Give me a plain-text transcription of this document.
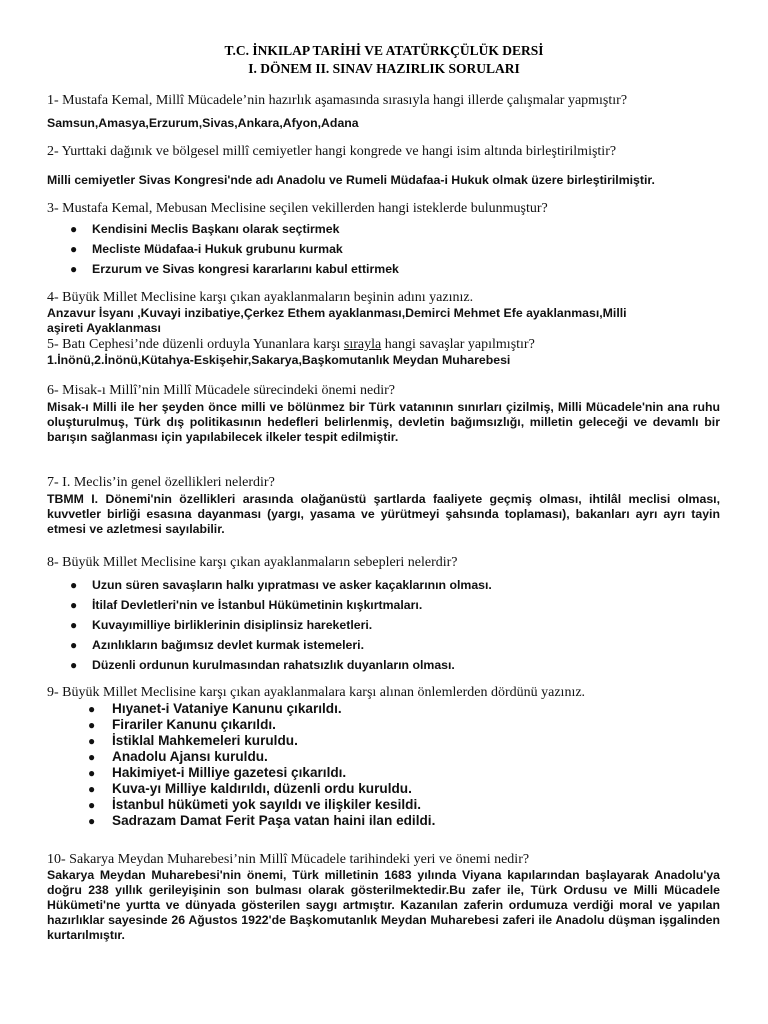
T.C. İNKILAP TARİHİ VE ATATÜRKÇÜLÜK DERSİ
I. DÖNEM II. SINAV HAZIRLIK SORULARI
1- Mustafa Kemal, Millî Mücadele’nin hazırlık aşamasında sırasıyla hangi illerde çalışmalar yapmıştır?
Samsun,Amasya,Erzurum,Sivas,Ankara,Afyon,Adana
2- Yurttaki dağınık ve bölgesel millî cemiyetler hangi kongrede ve hangi isim altında birleştirilmiştir?
Milli cemiyetler Sivas Kongresi'nde adı Anadolu ve Rumeli Müdafaa-i Hukuk olmak üzere birleştirilmiştir.
3- Mustafa Kemal, Mebusan Meclisine seçilen vekillerden hangi isteklerde bulunmuştur?
● Kendisini Meclis Başkanı olarak seçtirmek
● Mecliste Müdafaa-i Hukuk grubunu kurmak
● Erzurum ve Sivas kongresi kararlarını kabul ettirmek
4- Büyük Millet Meclisine karşı çıkan ayaklanmaların beşinin adını yazınız.
Anzavur İsyanı ,Kuvayi inzibatiye,Çerkez Ethem ayaklanması,Demirci Mehmet Efe ayaklanması,Milli
aşireti Ayaklanması
5- Batı Cephesi’nde düzenli orduyla Yunanlara karşı sırayla hangi savaşlar yapılmıştır?
1.İnönü,2.İnönü,Kütahya-Eskişehir,Sakarya,Başkomutanlık Meydan Muharebesi
6- Misak-ı Millî’nin Millî Mücadele sürecindeki önemi nedir?
Misak-ı Milli ile her şeyden önce milli ve bölünmez bir Türk vatanının sınırları çizilmiş, Milli Mücadele'nin ana ruhu oluşturulmuş, Türk dış politikasının hedefleri belirlenmiş, devletin bağımsızlığı, milletin geleceği ve devamlı bir barışın sağlanması için yapılabilecek ilkeler tespit edilmiştir.
7- I. Meclis’in genel özellikleri nelerdir?
TBMM I. Dönemi'nin özellikleri arasında olağanüstü şartlarda faaliyete geçmiş olması, ihtilâl meclisi olması, kuvvetler birliği esasına dayanması (yargı, yasama ve yürütmeyi şahsında toplaması), bakanları ayrı ayrı tayin etmesi ve azletmesi sayılabilir.
8- Büyük Millet Meclisine karşı çıkan ayaklanmaların sebepleri nelerdir?
● Uzun süren savaşların halkı yıpratması ve asker kaçaklarının olması.
● İtilaf Devletleri'nin ve İstanbul Hükümetinin kışkırtmaları.
● Kuvayımilliye birliklerinin disiplinsiz hareketleri.
● Azınlıkların bağımsız devlet kurmak istemeleri.
● Düzenli ordunun kurulmasından rahatsızlık duyanların olması.
9- Büyük Millet Meclisine karşı çıkan ayaklanmalara karşı alınan önlemlerden dördünü yazınız.
● Hıyanet-i Vataniye Kanunu çıkarıldı.
● Firariler Kanunu çıkarıldı.
● İstiklal Mahkemeleri kuruldu.
● Anadolu Ajansı kuruldu.
● Hakimiyet-i Milliye gazetesi çıkarıldı.
● Kuva-yı Milliye kaldırıldı, düzenli ordu kuruldu.
● İstanbul hükümeti yok sayıldı ve ilişkiler kesildi.
● Sadrazam Damat Ferit Paşa vatan haini ilan edildi.
10- Sakarya Meydan Muharebesi’nin Millî Mücadele tarihindeki yeri ve önemi nedir?
Sakarya Meydan Muharebesi'nin önemi, Türk milletinin 1683 yılında Viyana kapılarından başlayarak Anadolu'ya doğru 238 yıllık gerileyişinin son bulması olarak gösterilmektedir.Bu zafer ile, Türk Ordusu ve Milli Mücadele Hükümeti'ne yurtta ve dünyada gösterilen saygı artmıştır. Kazanılan zaferin ordumuza verdiği moral ve yapılan hazırlıklar sayesinde 26 Ağustos 1922'de Başkomutanlık Meydan Muharebesi zaferi ile Anadolu düşman işgalinden kurtarılmıştır.
